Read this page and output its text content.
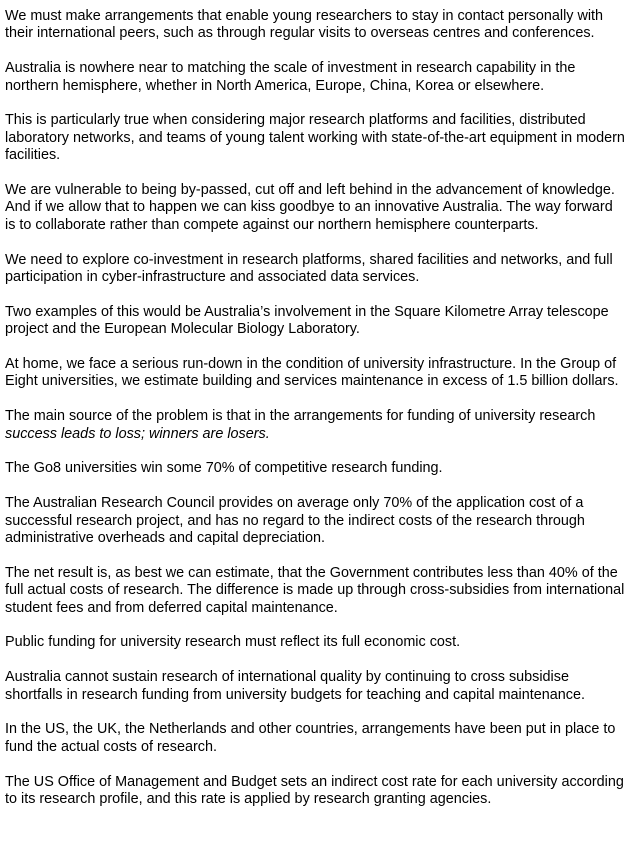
We must make arrangements that enable young researchers to stay in contact personally with their international peers, such as through regular visits to overseas centres and conferences.

Australia is nowhere near to matching the scale of investment in research capability in the northern hemisphere, whether in North America, Europe, China, Korea or elsewhere.

This is particularly true when considering major research platforms and facilities, distributed laboratory networks, and teams of young talent working with state-of-the-art equipment in modern facilities.

We are vulnerable to being by-passed, cut off and left behind in the advancement of knowledge. And if we allow that to happen we can kiss goodbye to an innovative Australia. The way forward is to collaborate rather than compete against our northern hemisphere counterparts.

We need to explore co-investment in research platforms, shared facilities and networks, and full participation in cyber-infrastructure and associated data services.

Two examples of this would be Australia’s involvement in the Square Kilometre Array telescope project and the European Molecular Biology Laboratory.

At home, we face a serious run-down in the condition of university infrastructure. In the Group of Eight universities, we estimate building and services maintenance in excess of 1.5 billion dollars.

The main source of the problem is that in the arrangements for funding of university research success leads to loss; winners are losers.

The Go8 universities win some 70% of competitive research funding.

The Australian Research Council provides on average only 70% of the application cost of a successful research project, and has no regard to the indirect costs of the research through administrative overheads and capital depreciation.

The net result is, as best we can estimate, that the Government contributes less than 40% of the full actual costs of research. The difference is made up through cross-subsidies from international student fees and from deferred capital maintenance.

Public funding for university research must reflect its full economic cost.

Australia cannot sustain research of international quality by continuing to cross subsidise shortfalls in research funding from university budgets for teaching and capital maintenance.

In the US, the UK, the Netherlands and other countries, arrangements have been put in place to fund the actual costs of research.

The US Office of Management and Budget sets an indirect cost rate for each university according to its research profile, and this rate is applied by research granting agencies.
